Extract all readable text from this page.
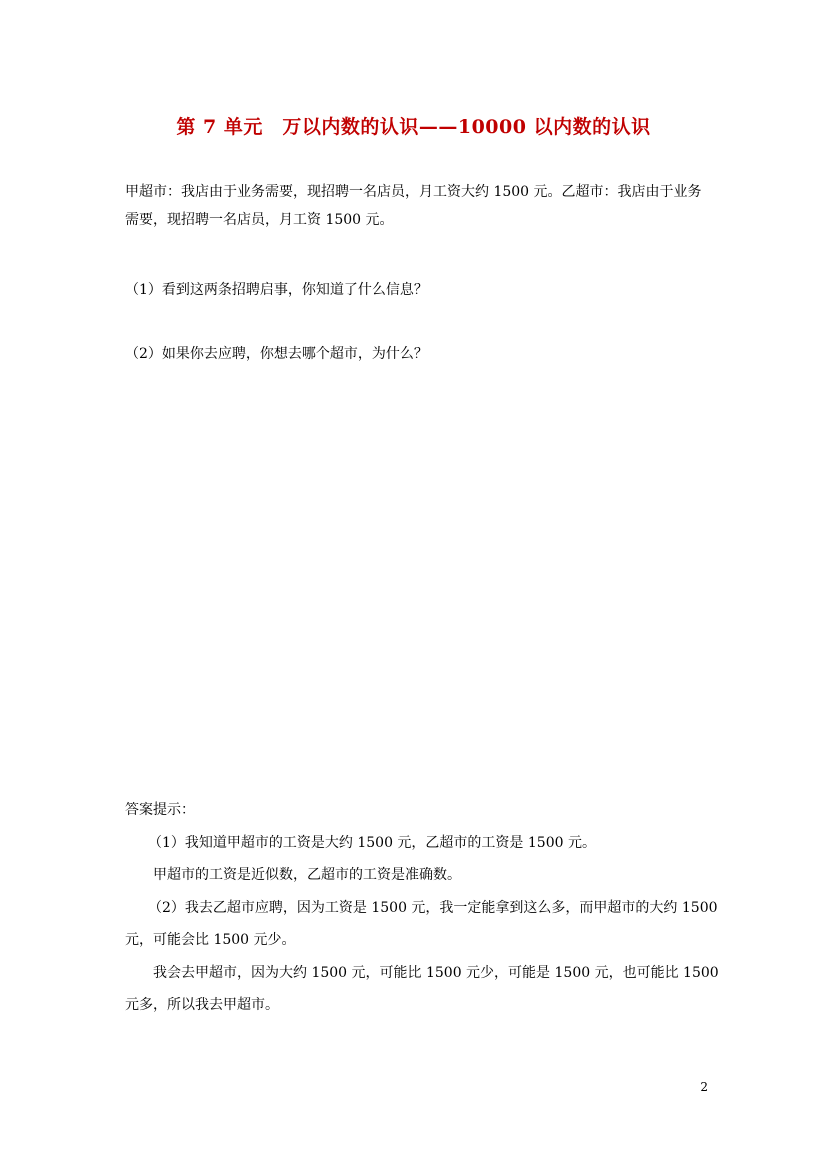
第 7 单元　万以内数的认识——10000 以内数的认识
甲超市：我店由于业务需要，现招聘一名店员，月工资大约 1500 元。乙超市：我店由于业务需要，现招聘一名店员，月工资 1500 元。
（1）看到这两条招聘启事，你知道了什么信息？
（2）如果你去应聘，你想去哪个超市，为什么？
答案提示：
（1）我知道甲超市的工资是大约 1500 元，乙超市的工资是 1500 元。
甲超市的工资是近似数，乙超市的工资是准确数。
（2）我去乙超市应聘，因为工资是 1500 元，我一定能拿到这么多，而甲超市的大约 1500
元，可能会比 1500 元少。
我会去甲超市，因为大约 1500 元，可能比 1500 元少，可能是 1500 元，也可能比 1500
元多，所以我去甲超市。
2
